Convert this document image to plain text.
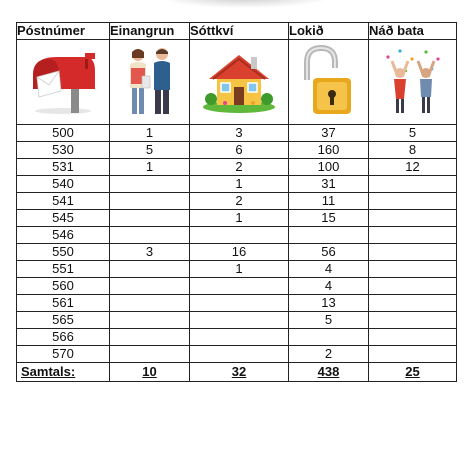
Póstnúmer	Einangrun	Sóttkví	Lokið	Náð bata

500	1	3	37	5
530	5	6	160	8
531	1	2	100	12
540		1	31	
541		2	11	
545		1	15	
546				
550	3	16	56	
551		1	4	
560			4	
561			13	
565			5	
566				
570			2	
Samtals:	10	32	438	25
